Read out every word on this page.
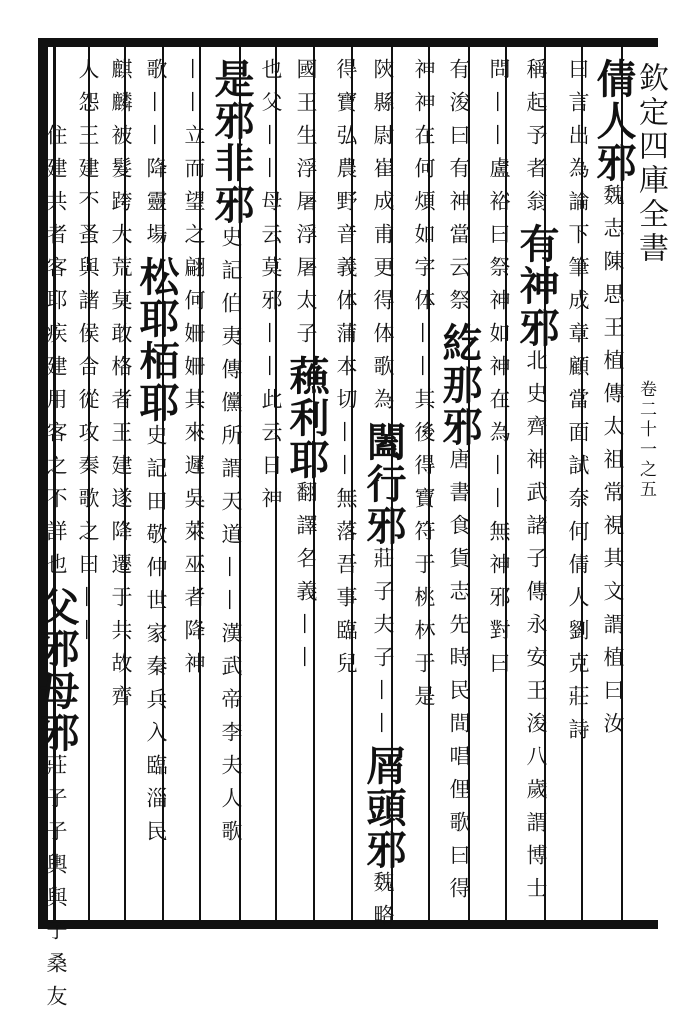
欽定四庫全書
卷二十一之五
倩人邪魏志陳思王植傳太祖常視其文謂植曰汝
曰言出為論下筆成章顧當面試奈何倩人劉克莊詩
稱起予者翁有神邪北史齊神武諸子傳永安王浚八歲謂博士
問——盧裕曰祭神如神在為——無神邪對曰
有浚曰有神當云祭紇那邪唐書食貨志先時民間唱俚歌曰得
神神在何煩如字体——其後得寶符于桃林于是
陝縣尉崔成甫更得体歌為闔行邪莊子夫子——屑頭邪魏略
得寶弘農野音義体蒲本切——無落吾事臨兒
國王生浮屠浮屠太子蘓利耶翻譯名義——
也父——母云莫邪——此云日神
是邪非邪史記伯夷傳儻所謂天道——漢武帝李夫人歌
——立而望之翩何姍姍其來遲吳萊巫者降神
歌——降靈場松耶栢耶史記田敬仲世家秦兵入臨淄民
麒麟被髮跨大荒莫敢格者王建遂降遷于共故齊
人怨王建不蚤與諸侯合從攻秦歌之曰——
——住建共者客耶疾建用客之不詳也父邪母邪莊子子輿與子桑友
